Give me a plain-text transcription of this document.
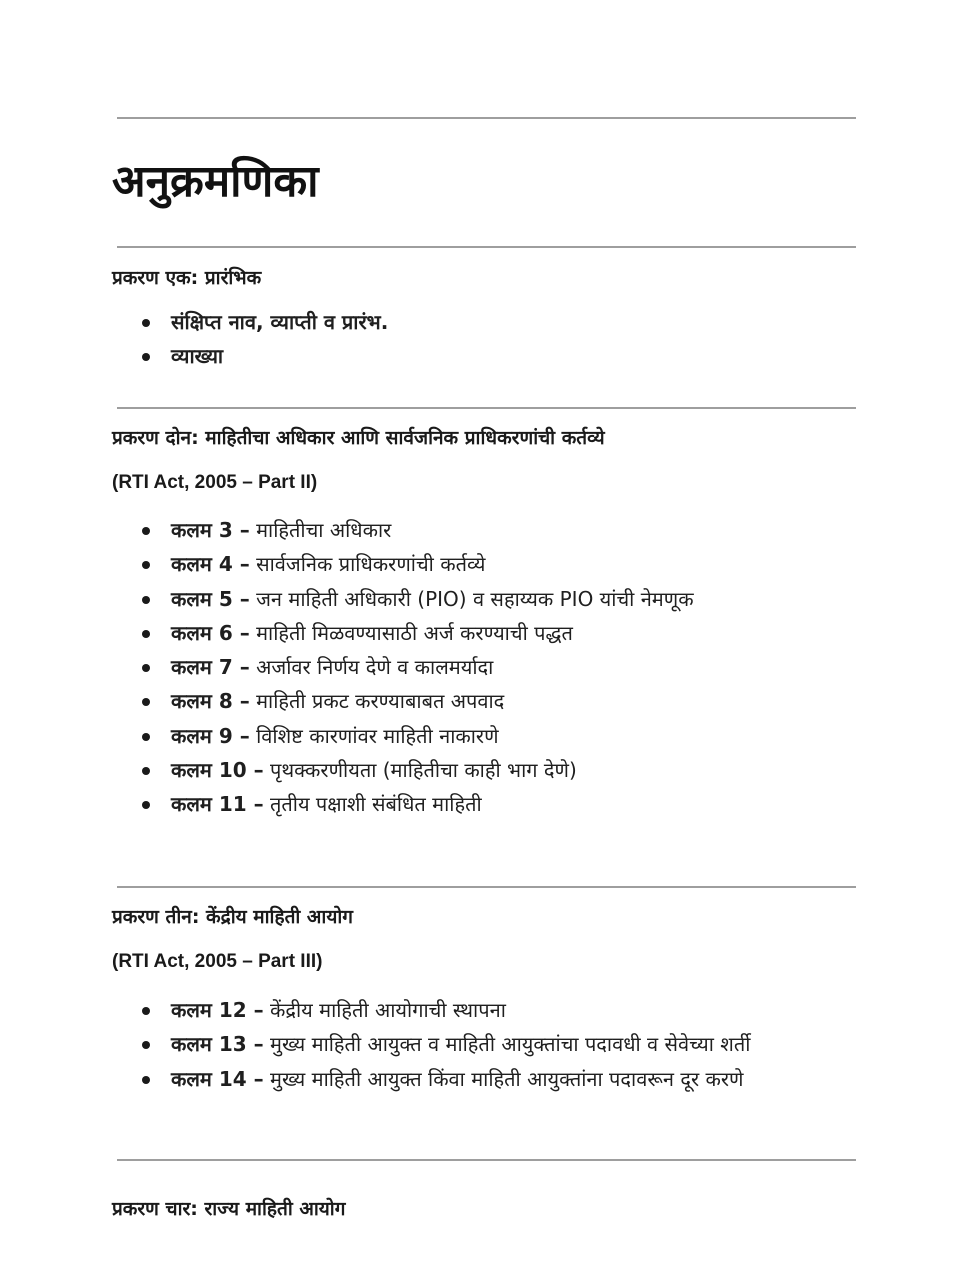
अनुक्रमणिका
प्रकरण एक: प्रारंभिक
संक्षिप्त नाव, व्याप्ती व प्रारंभ.
व्याख्या
प्रकरण दोन: माहितीचा अधिकार आणि सार्वजनिक प्राधिकरणांची कर्तव्ये

(RTI Act, 2005 – Part II)

कलम 3 – माहितीचा अधिकार
कलम 4 – सार्वजनिक प्राधिकरणांची कर्तव्ये
कलम 5 – जन माहिती अधिकारी (PIO) व सहाय्यक PIO यांची नेमणूक
कलम 6 – माहिती मिळवण्यासाठी अर्ज करण्याची पद्धत
कलम 7 – अर्जावर निर्णय देणे व कालमर्यादा
कलम 8 – माहिती प्रकट करण्याबाबत अपवाद
कलम 9 – विशिष्ट कारणांवर माहिती नाकारणे
कलम 10 – पृथक्करणीयता (माहितीचा काही भाग देणे)
कलम 11 – तृतीय पक्षाशी संबंधित माहिती
प्रकरण तीन: केंद्रीय माहिती आयोग

(RTI Act, 2005 – Part III)

कलम 12 – केंद्रीय माहिती आयोगाची स्थापना
कलम 13 – मुख्य माहिती आयुक्त व माहिती आयुक्तांचा पदावधी व सेवेच्या शर्ती
कलम 14 – मुख्य माहिती आयुक्त किंवा माहिती आयुक्तांना पदावरून दूर करणे
प्रकरण चार: राज्य माहिती आयोग
